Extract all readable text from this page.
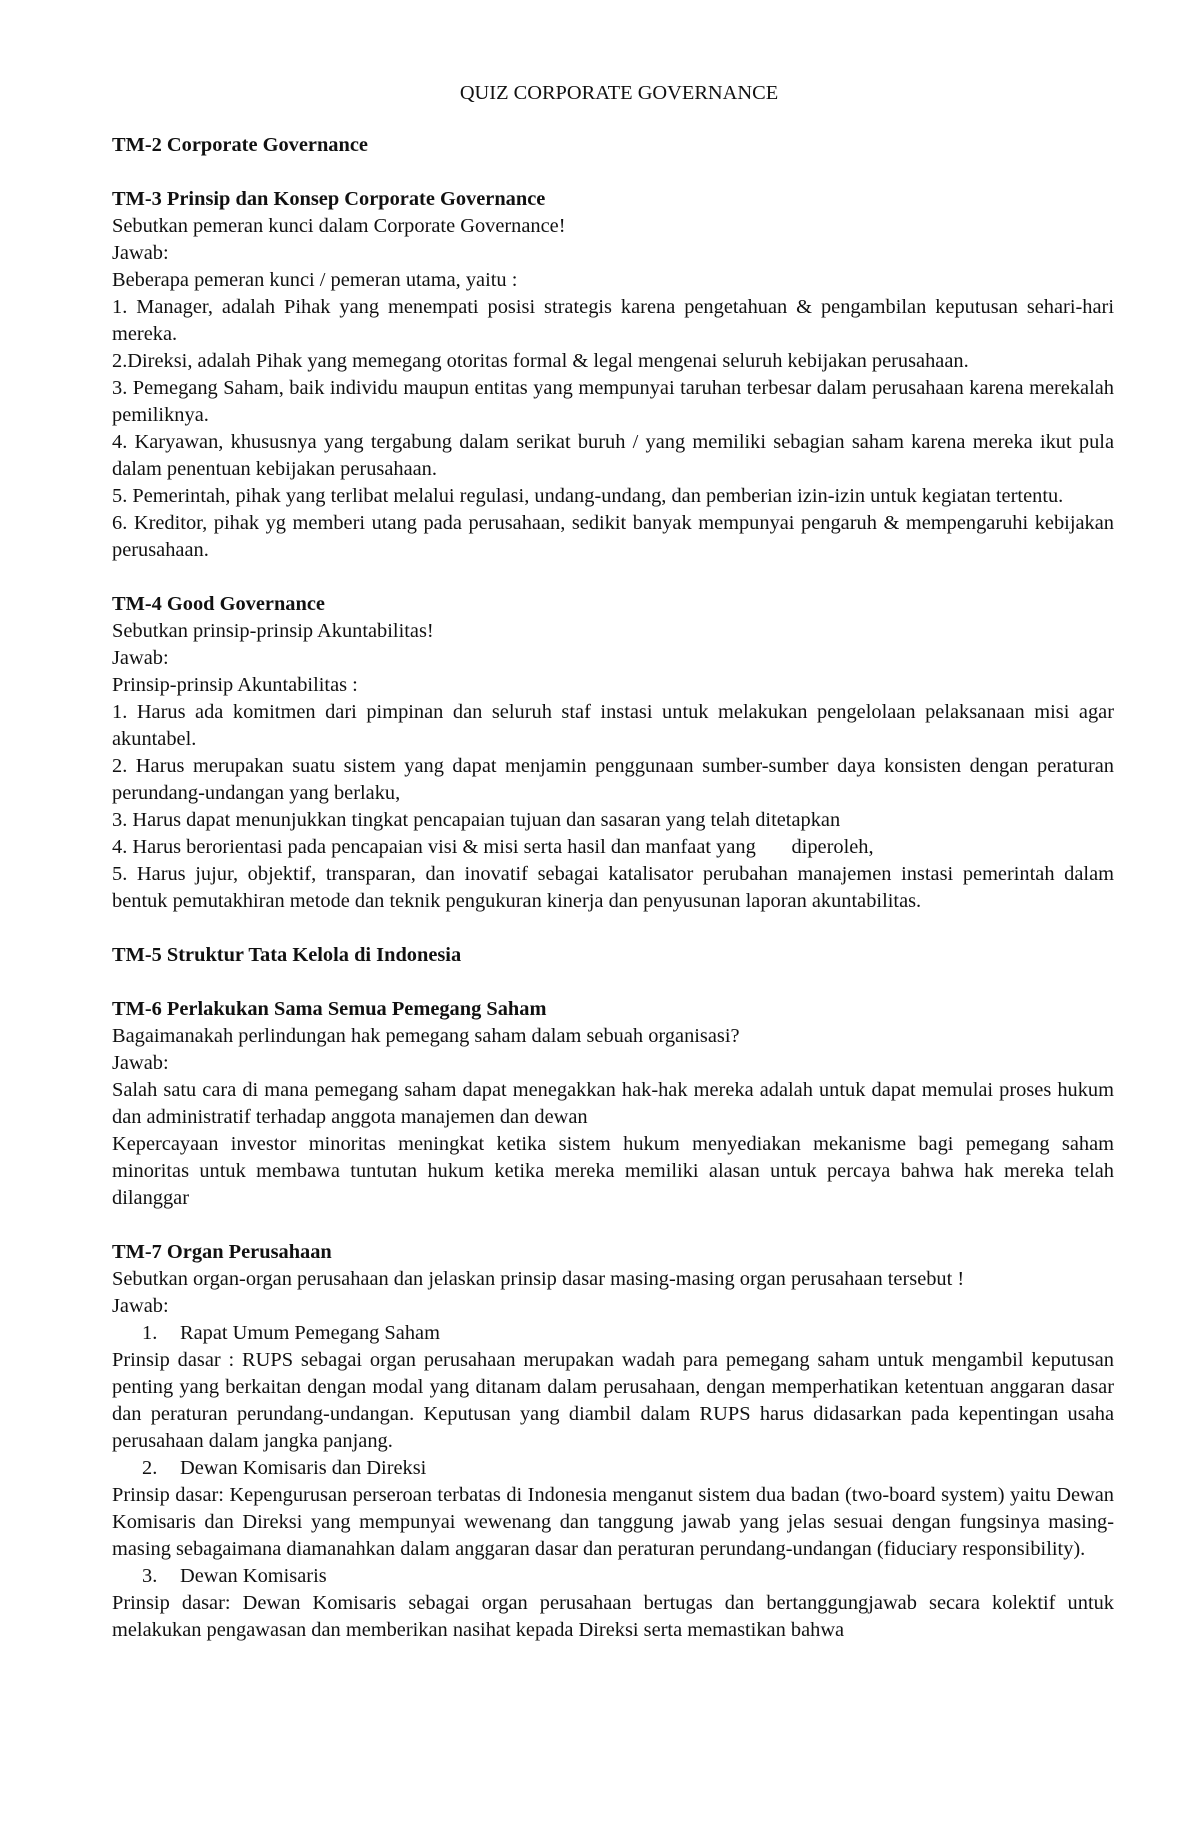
QUIZ CORPORATE GOVERNANCE
TM-2 Corporate Governance
TM-3 Prinsip dan Konsep Corporate Governance

Sebutkan pemeran kunci dalam Corporate Governance!

Jawab:

Beberapa pemeran kunci / pemeran utama, yaitu :

1. Manager, adalah Pihak yang menempati posisi strategis karena pengetahuan & pengambilan keputusan sehari-hari mereka.

2.Direksi, adalah Pihak yang memegang otoritas formal & legal mengenai seluruh kebijakan perusahaan.

3. Pemegang Saham, baik individu maupun entitas yang mempunyai taruhan terbesar dalam perusahaan karena merekalah pemiliknya.

4. Karyawan, khususnya yang tergabung dalam serikat buruh / yang memiliki sebagian saham karena mereka ikut pula dalam penentuan kebijakan perusahaan.

5. Pemerintah, pihak yang terlibat melalui regulasi, undang-undang, dan pemberian izin-izin untuk kegiatan tertentu.

6. Kreditor, pihak yg memberi utang pada perusahaan, sedikit banyak mempunyai pengaruh & mempengaruhi kebijakan perusahaan.

TM-4 Good Governance

Sebutkan prinsip-prinsip Akuntabilitas!

Jawab:

Prinsip-prinsip Akuntabilitas :

1. Harus ada komitmen dari pimpinan dan seluruh staf instasi untuk melakukan pengelolaan pelaksanaan misi agar akuntabel.

2. Harus merupakan suatu sistem yang dapat menjamin penggunaan sumber-sumber daya konsisten dengan peraturan perundang-undangan yang berlaku,

3. Harus dapat menunjukkan tingkat pencapaian tujuan dan sasaran yang telah ditetapkan

4. Harus berorientasi pada pencapaian visi & misi serta hasil dan manfaat yang       diperoleh,

5. Harus jujur, objektif, transparan, dan inovatif sebagai katalisator perubahan manajemen instasi pemerintah dalam bentuk pemutakhiran metode dan teknik pengukuran kinerja dan penyusunan laporan akuntabilitas.

TM-5 Struktur Tata Kelola di Indonesia
TM-6 Perlakukan Sama Semua Pemegang Saham

Bagaimanakah perlindungan hak pemegang saham dalam sebuah organisasi?

Jawab:

Salah satu cara di mana pemegang saham dapat menegakkan hak-hak mereka adalah untuk dapat memulai proses hukum dan administratif terhadap anggota manajemen dan dewan

Kepercayaan investor minoritas meningkat ketika sistem hukum menyediakan mekanisme bagi pemegang saham minoritas untuk membawa tuntutan hukum ketika mereka memiliki alasan untuk percaya bahwa hak mereka telah dilanggar

TM-7 Organ Perusahaan

Sebutkan organ-organ perusahaan dan jelaskan prinsip dasar masing-masing organ perusahaan tersebut !

Jawab:

1.	Rapat Umum Pemegang Saham

Prinsip dasar : RUPS sebagai organ perusahaan merupakan wadah para pemegang saham untuk mengambil keputusan penting yang berkaitan dengan modal yang ditanam dalam perusahaan, dengan memperhatikan ketentuan anggaran dasar dan peraturan perundang-undangan. Keputusan yang diambil dalam RUPS harus didasarkan pada kepentingan usaha perusahaan dalam jangka panjang.

2.	Dewan Komisaris dan Direksi

Prinsip dasar: Kepengurusan perseroan terbatas di Indonesia menganut sistem dua badan (two-board system) yaitu Dewan Komisaris dan Direksi yang mempunyai wewenang dan tanggung jawab yang jelas sesuai dengan fungsinya masing-masing sebagaimana diamanahkan dalam anggaran dasar dan peraturan perundang-undangan (fiduciary responsibility).

3.	Dewan Komisaris

Prinsip dasar: Dewan Komisaris sebagai organ perusahaan bertugas dan bertanggungjawab secara kolektif untuk melakukan pengawasan dan memberikan nasihat kepada Direksi serta memastikan bahwa
